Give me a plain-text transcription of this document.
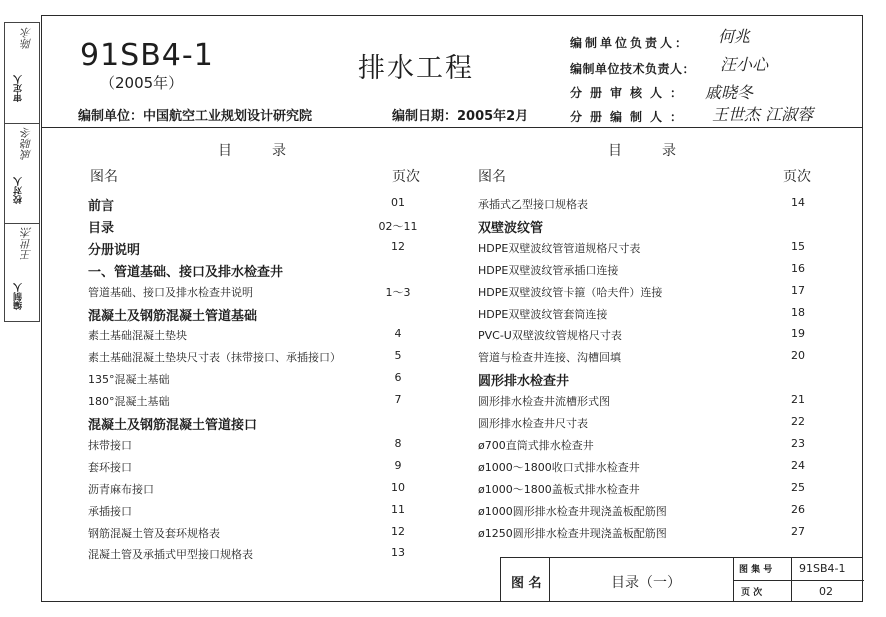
审定人
陈永
校对人
戚晓冬
编制人
王世杰
91SB4-1
（2005年）
编制单位：中国航空工业规划设计研究院
排水工程
编制日期：2005年2月
编制单位负责人： 何兆
编制单位技术负责人： 汪小心
分册审核人： 戚晓冬
分册编制人： 王世杰 江淑蓉
目录
图名	页次
前言	01
目录	02～11
分册说明	12
一、管道基础、接口及排水检查井
管道基础、接口及排水检查井说明	1～3
混凝土及钢筋混凝土管道基础
素土基础混凝土垫块	4
素土基础混凝土垫块尺寸表（抹带接口、承插接口）	5
135°混凝土基础	6
180°混凝土基础	7
混凝土及钢筋混凝土管道接口
抹带接口	8
套环接口	9
沥青麻布接口	10
承插接口	11
钢筋混凝土管及套环规格表	12
混凝土管及承插式甲型接口规格表	13
目录
图名	页次
承插式乙型接口规格表	14
双壁波纹管
HDPE双壁波纹管管道规格尺寸表	15
HDPE双壁波纹管承插口连接	16
HDPE双壁波纹管卡箍（哈夫件）连接	17
HDPE双壁波纹管套筒连接	18
PVC-U双壁波纹管规格尺寸表	19
管道与检查井连接、沟槽回填	20
圆形排水检查井
圆形排水检查井流槽形式图	21
圆形排水检查井尺寸表	22
ø700直筒式排水检查井	23
ø1000～1800收口式排水检查井	24
ø1000～1800盖板式排水检查井	25
ø1000圆形排水检查井现浇盖板配筋图	26
ø1250圆形排水检查井现浇盖板配筋图	27
图 名	目录（一）
图 集 号 91SB4-1
页 次	02
